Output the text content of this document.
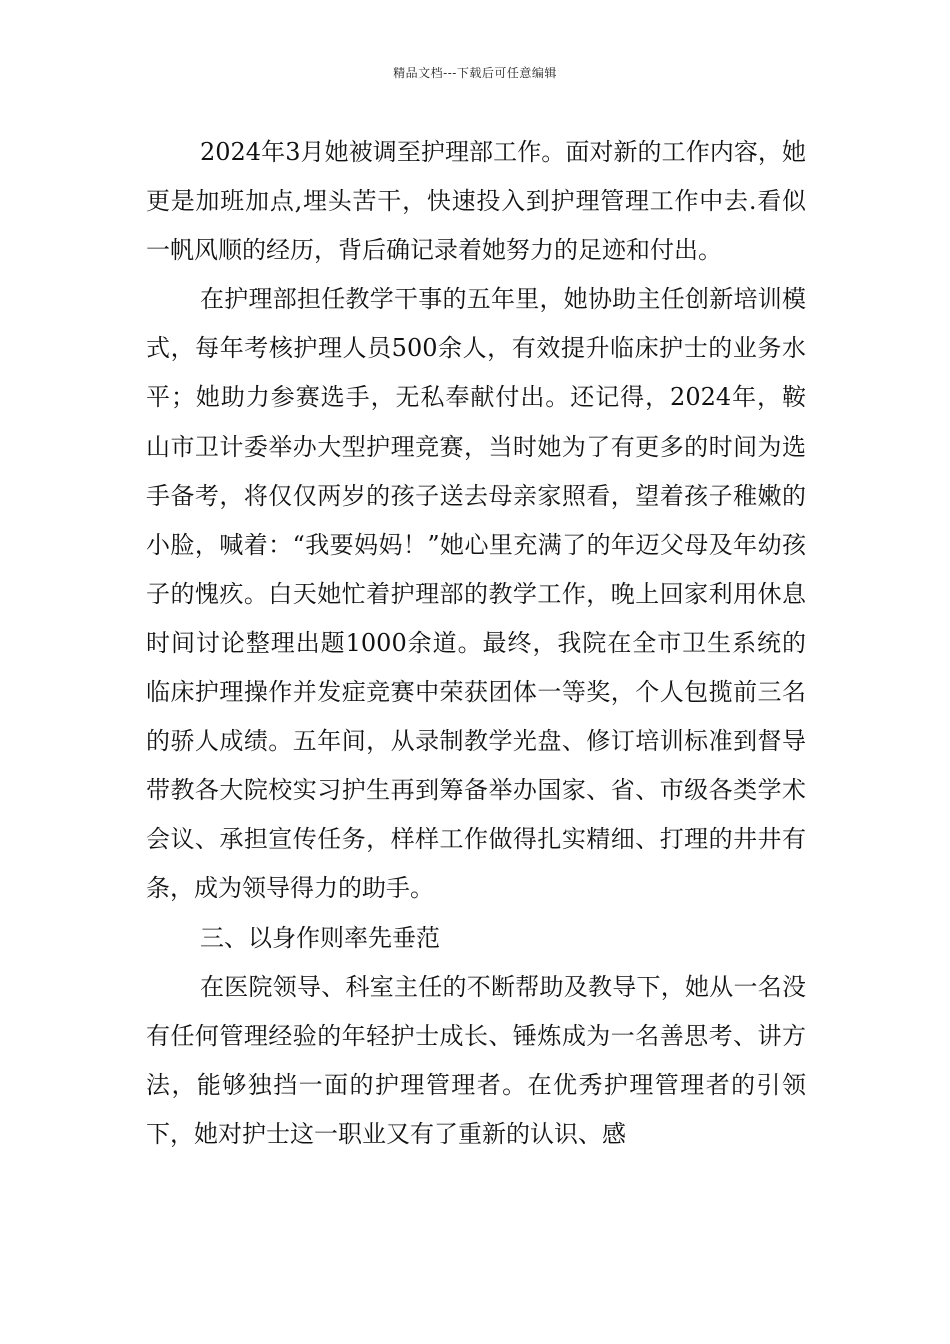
精品文档---下载后可任意编辑

2024年3月她被调至护理部工作。面对新的工作内容，她更是加班加点,埋头苦干，快速投入到护理管理工作中去.看似一帆风顺的经历，背后确记录着她努力的足迹和付出。

在护理部担任教学干事的五年里，她协助主任创新培训模式，每年考核护理人员500余人，有效提升临床护士的业务水平；她助力参赛选手，无私奉献付出。还记得，2024年，鞍山市卫计委举办大型护理竞赛，当时她为了有更多的时间为选手备考，将仅仅两岁的孩子送去母亲家照看，望着孩子稚嫩的小脸，喊着：“我要妈妈！”她心里充满了的年迈父母及年幼孩子的愧疚。白天她忙着护理部的教学工作，晚上回家利用休息时间讨论整理出题1000余道。最终，我院在全市卫生系统的临床护理操作并发症竞赛中荣获团体一等奖，个人包揽前三名的骄人成绩。五年间，从录制教学光盘、修订培训标准到督导带教各大院校实习护生再到筹备举办国家、省、市级各类学术会议、承担宣传任务，样样工作做得扎实精细、打理的井井有条，成为领导得力的助手。

三、以身作则率先垂范

在医院领导、科室主任的不断帮助及教导下，她从一名没有任何管理经验的年轻护士成长、锤炼成为一名善思考、讲方法，能够独挡一面的护理管理者。在优秀护理管理者的引领下，她对护士这一职业又有了重新的认识、感
